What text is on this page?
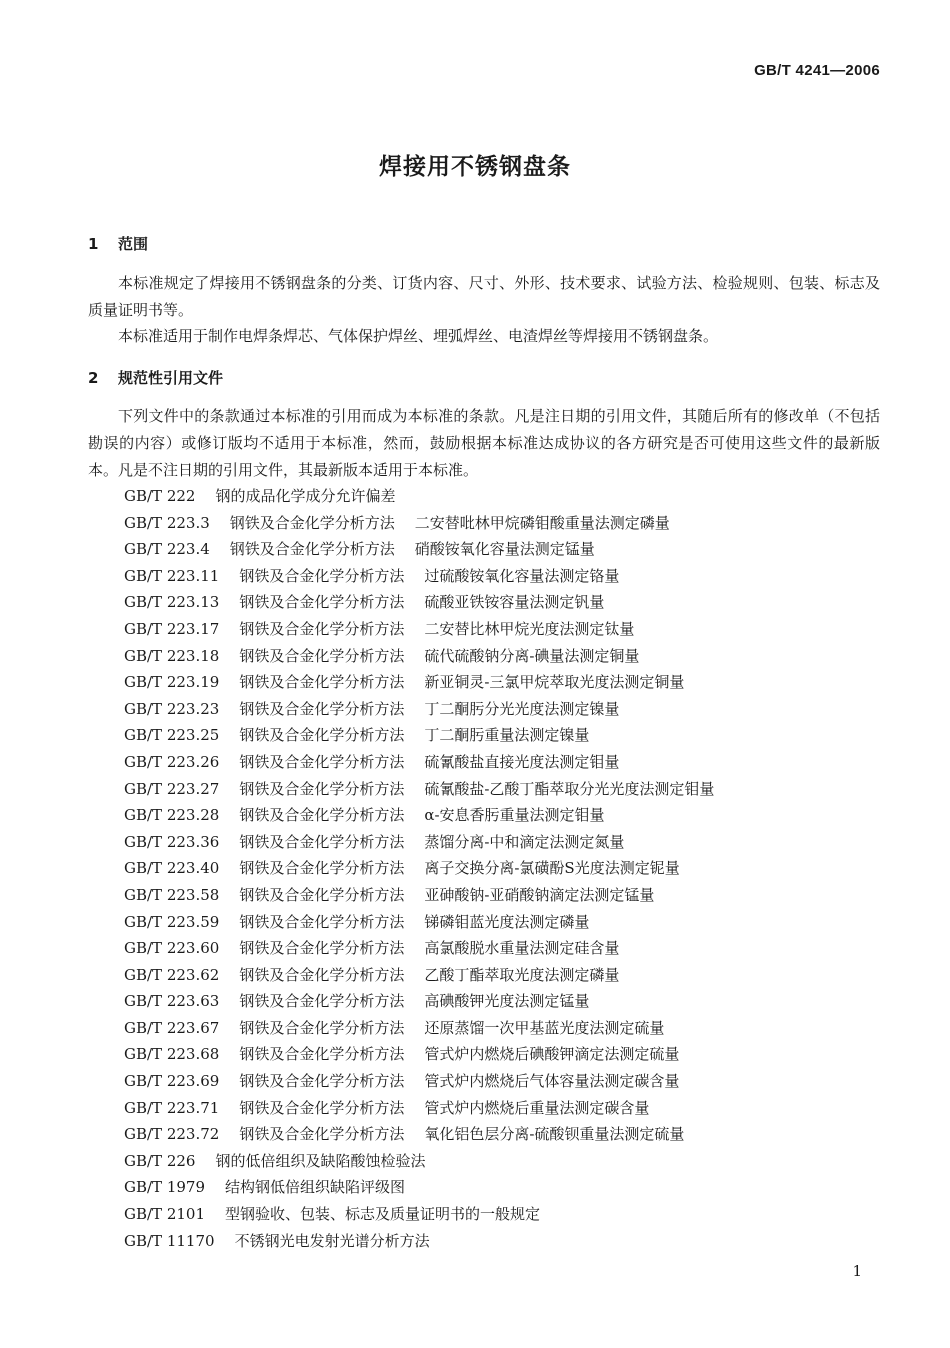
GB/T 4241—2006
焊接用不锈钢盘条
1 范围
本标准规定了焊接用不锈钢盘条的分类、订货内容、尺寸、外形、技术要求、试验方法、检验规则、包装、标志及质量证明书等。
本标准适用于制作电焊条焊芯、气体保护焊丝、埋弧焊丝、电渣焊丝等焊接用不锈钢盘条。
2 规范性引用文件
下列文件中的条款通过本标准的引用而成为本标准的条款。凡是注日期的引用文件，其随后所有的修改单（不包括勘误的内容）或修订版均不适用于本标准，然而，鼓励根据本标准达成协议的各方研究是否可使用这些文件的最新版本。凡是不注日期的引用文件，其最新版本适用于本标准。
GB/T 222 钢的成品化学成分允许偏差
GB/T 223.3 钢铁及合金化学分析方法 二安替吡林甲烷磷钼酸重量法测定磷量
GB/T 223.4 钢铁及合金化学分析方法 硝酸铵氧化容量法测定锰量
GB/T 223.11 钢铁及合金化学分析方法 过硫酸铵氧化容量法测定铬量
GB/T 223.13 钢铁及合金化学分析方法 硫酸亚铁铵容量法测定钒量
GB/T 223.17 钢铁及合金化学分析方法 二安替比林甲烷光度法测定钛量
GB/T 223.18 钢铁及合金化学分析方法 硫代硫酸钠分离-碘量法测定铜量
GB/T 223.19 钢铁及合金化学分析方法 新亚铜灵-三氯甲烷萃取光度法测定铜量
GB/T 223.23 钢铁及合金化学分析方法 丁二酮肟分光光度法测定镍量
GB/T 223.25 钢铁及合金化学分析方法 丁二酮肟重量法测定镍量
GB/T 223.26 钢铁及合金化学分析方法 硫氰酸盐直接光度法测定钼量
GB/T 223.27 钢铁及合金化学分析方法 硫氰酸盐-乙酸丁酯萃取分光光度法测定钼量
GB/T 223.28 钢铁及合金化学分析方法 α-安息香肟重量法测定钼量
GB/T 223.36 钢铁及合金化学分析方法 蒸馏分离-中和滴定法测定氮量
GB/T 223.40 钢铁及合金化学分析方法 离子交换分离-氯磺酚S光度法测定铌量
GB/T 223.58 钢铁及合金化学分析方法 亚砷酸钠-亚硝酸钠滴定法测定锰量
GB/T 223.59 钢铁及合金化学分析方法 锑磷钼蓝光度法测定磷量
GB/T 223.60 钢铁及合金化学分析方法 高氯酸脱水重量法测定硅含量
GB/T 223.62 钢铁及合金化学分析方法 乙酸丁酯萃取光度法测定磷量
GB/T 223.63 钢铁及合金化学分析方法 高碘酸钾光度法测定锰量
GB/T 223.67 钢铁及合金化学分析方法 还原蒸馏一次甲基蓝光度法测定硫量
GB/T 223.68 钢铁及合金化学分析方法 管式炉内燃烧后碘酸钾滴定法测定硫量
GB/T 223.69 钢铁及合金化学分析方法 管式炉内燃烧后气体容量法测定碳含量
GB/T 223.71 钢铁及合金化学分析方法 管式炉内燃烧后重量法测定碳含量
GB/T 223.72 钢铁及合金化学分析方法 氧化铝色层分离-硫酸钡重量法测定硫量
GB/T 226 钢的低倍组织及缺陷酸蚀检验法
GB/T 1979 结构钢低倍组织缺陷评级图
GB/T 2101 型钢验收、包装、标志及质量证明书的一般规定
GB/T 11170 不锈钢光电发射光谱分析方法
1
